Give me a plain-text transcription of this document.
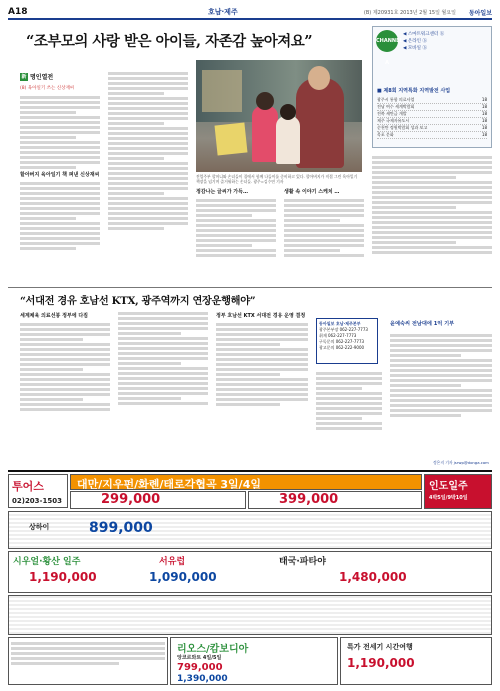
A18	호남·제주	(B) 제20931호 2013년 2월 15일 월요일 동아일보
“조부모의 사랑 받은 아이들, 자존감 높아져요”	CHANNEL A
◀ 스마트워크센터 ⓑ
◀ 온라인 ⓑ
◀ 모바일 ⓑ
■ 제8회 지역특화 지역발전 사업
광주시 통합 의료사업	18
전남 여수 세계박람회	18
전북 새만금 개발	18
제주 국제자유도시	18
순천만 정원박람회 성과 보고	18
목포 문화	18
新 명인열전
(8) 육아일기 쓰는 신상재씨
할아버지 육아일기 책 펴낸 신상재씨	전업주부 할머니와 손녀들이 집에서 함께 나들이를 준비하고 있다. 할아버지가 직접 그린 육아일기 책장을 넘기며 즐거워하는 손녀들. 광주=김수연 기자
정감나는 글씨가 가득…	생활 속 이야기 스케치 …
“서대전 경유 호남선 KTX, 광주역까지 연장운행해야”
세계체육 의료선봉 정부에 다짐	정부 호남선 KTX 서대전 경유 운영 결정
동아일보 호남·제주본부
광주본부장 062-227-7773
취재 062-227-7773
구독문의 062-227-7773
광고문의 062-222-9000
윤예숙씨 전남대에 1억 기부
정은지 기자 jsrwp@donga.com
투어스
02)203-1503
대만/지우펀/화롄/태로각협곡 3일/4일
299,000	399,000
인도일주
4박5일/9박10일
899,000
상하이
시우얼·황산 일주
1,190,000
서유럽
1,090,000
태국·파타야
1,480,000
리오스/캄보디아
앙코르와트 4일/5일
799,000
1,390,000
특가 전세기 시간여행
1,190,000
